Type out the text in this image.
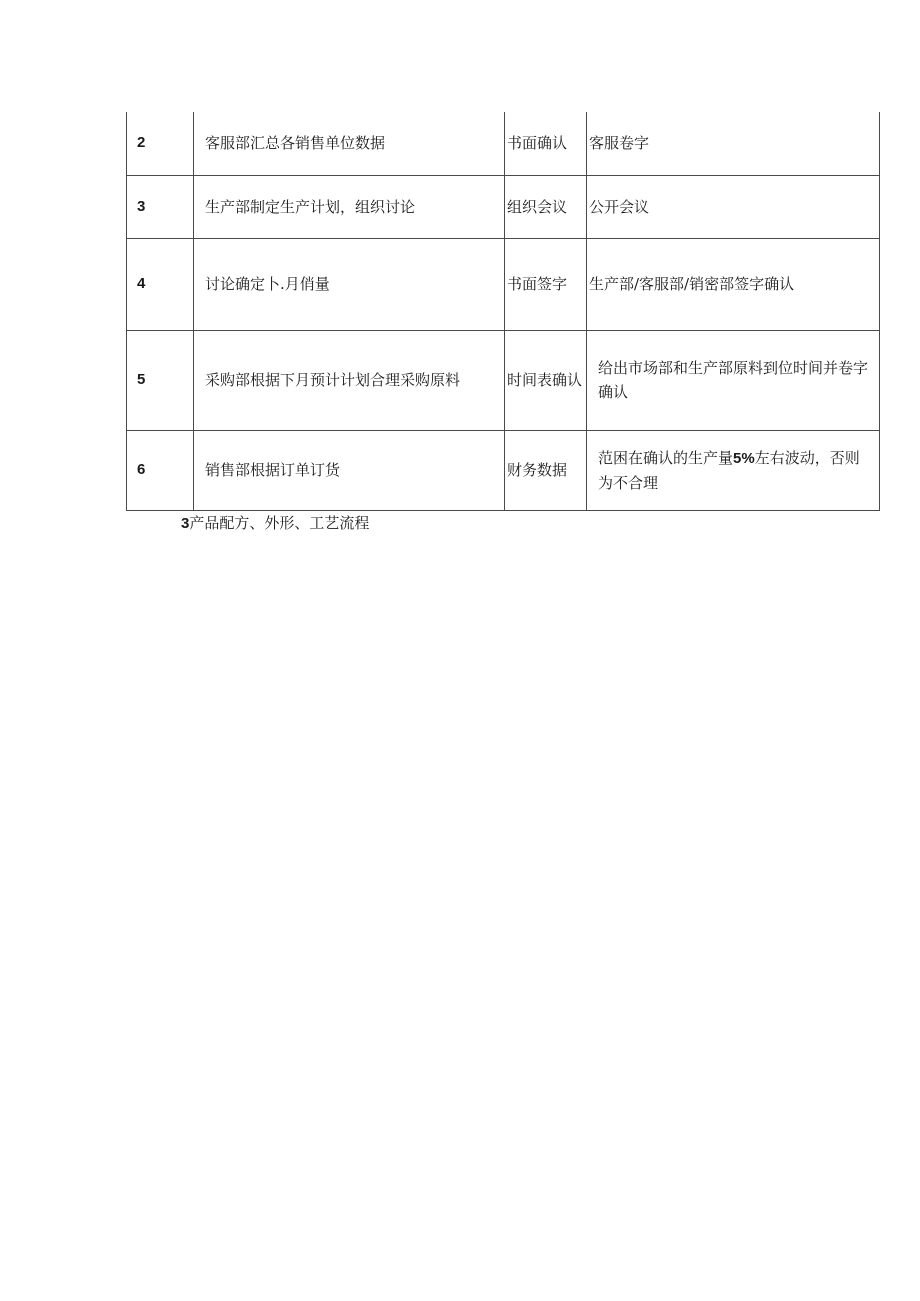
2	客服部汇总各销售单位数据	书面确认	客服卷字
3	生产部制定生产计划，组织讨论	组织会议	公开会议
4	讨论确定卜.月俏量	书面签字	生产部/客服部/销密部签字确认
5	采购部根据下月预计计划合理采购原料	时间表确认	给出市场部和生产部原料到位时间并卷字确认

6	销售部根据订单订货	财务数据	范困在确认的生产量5%左右波动，否则为不合理
3产品配方、外形、工艺流程
